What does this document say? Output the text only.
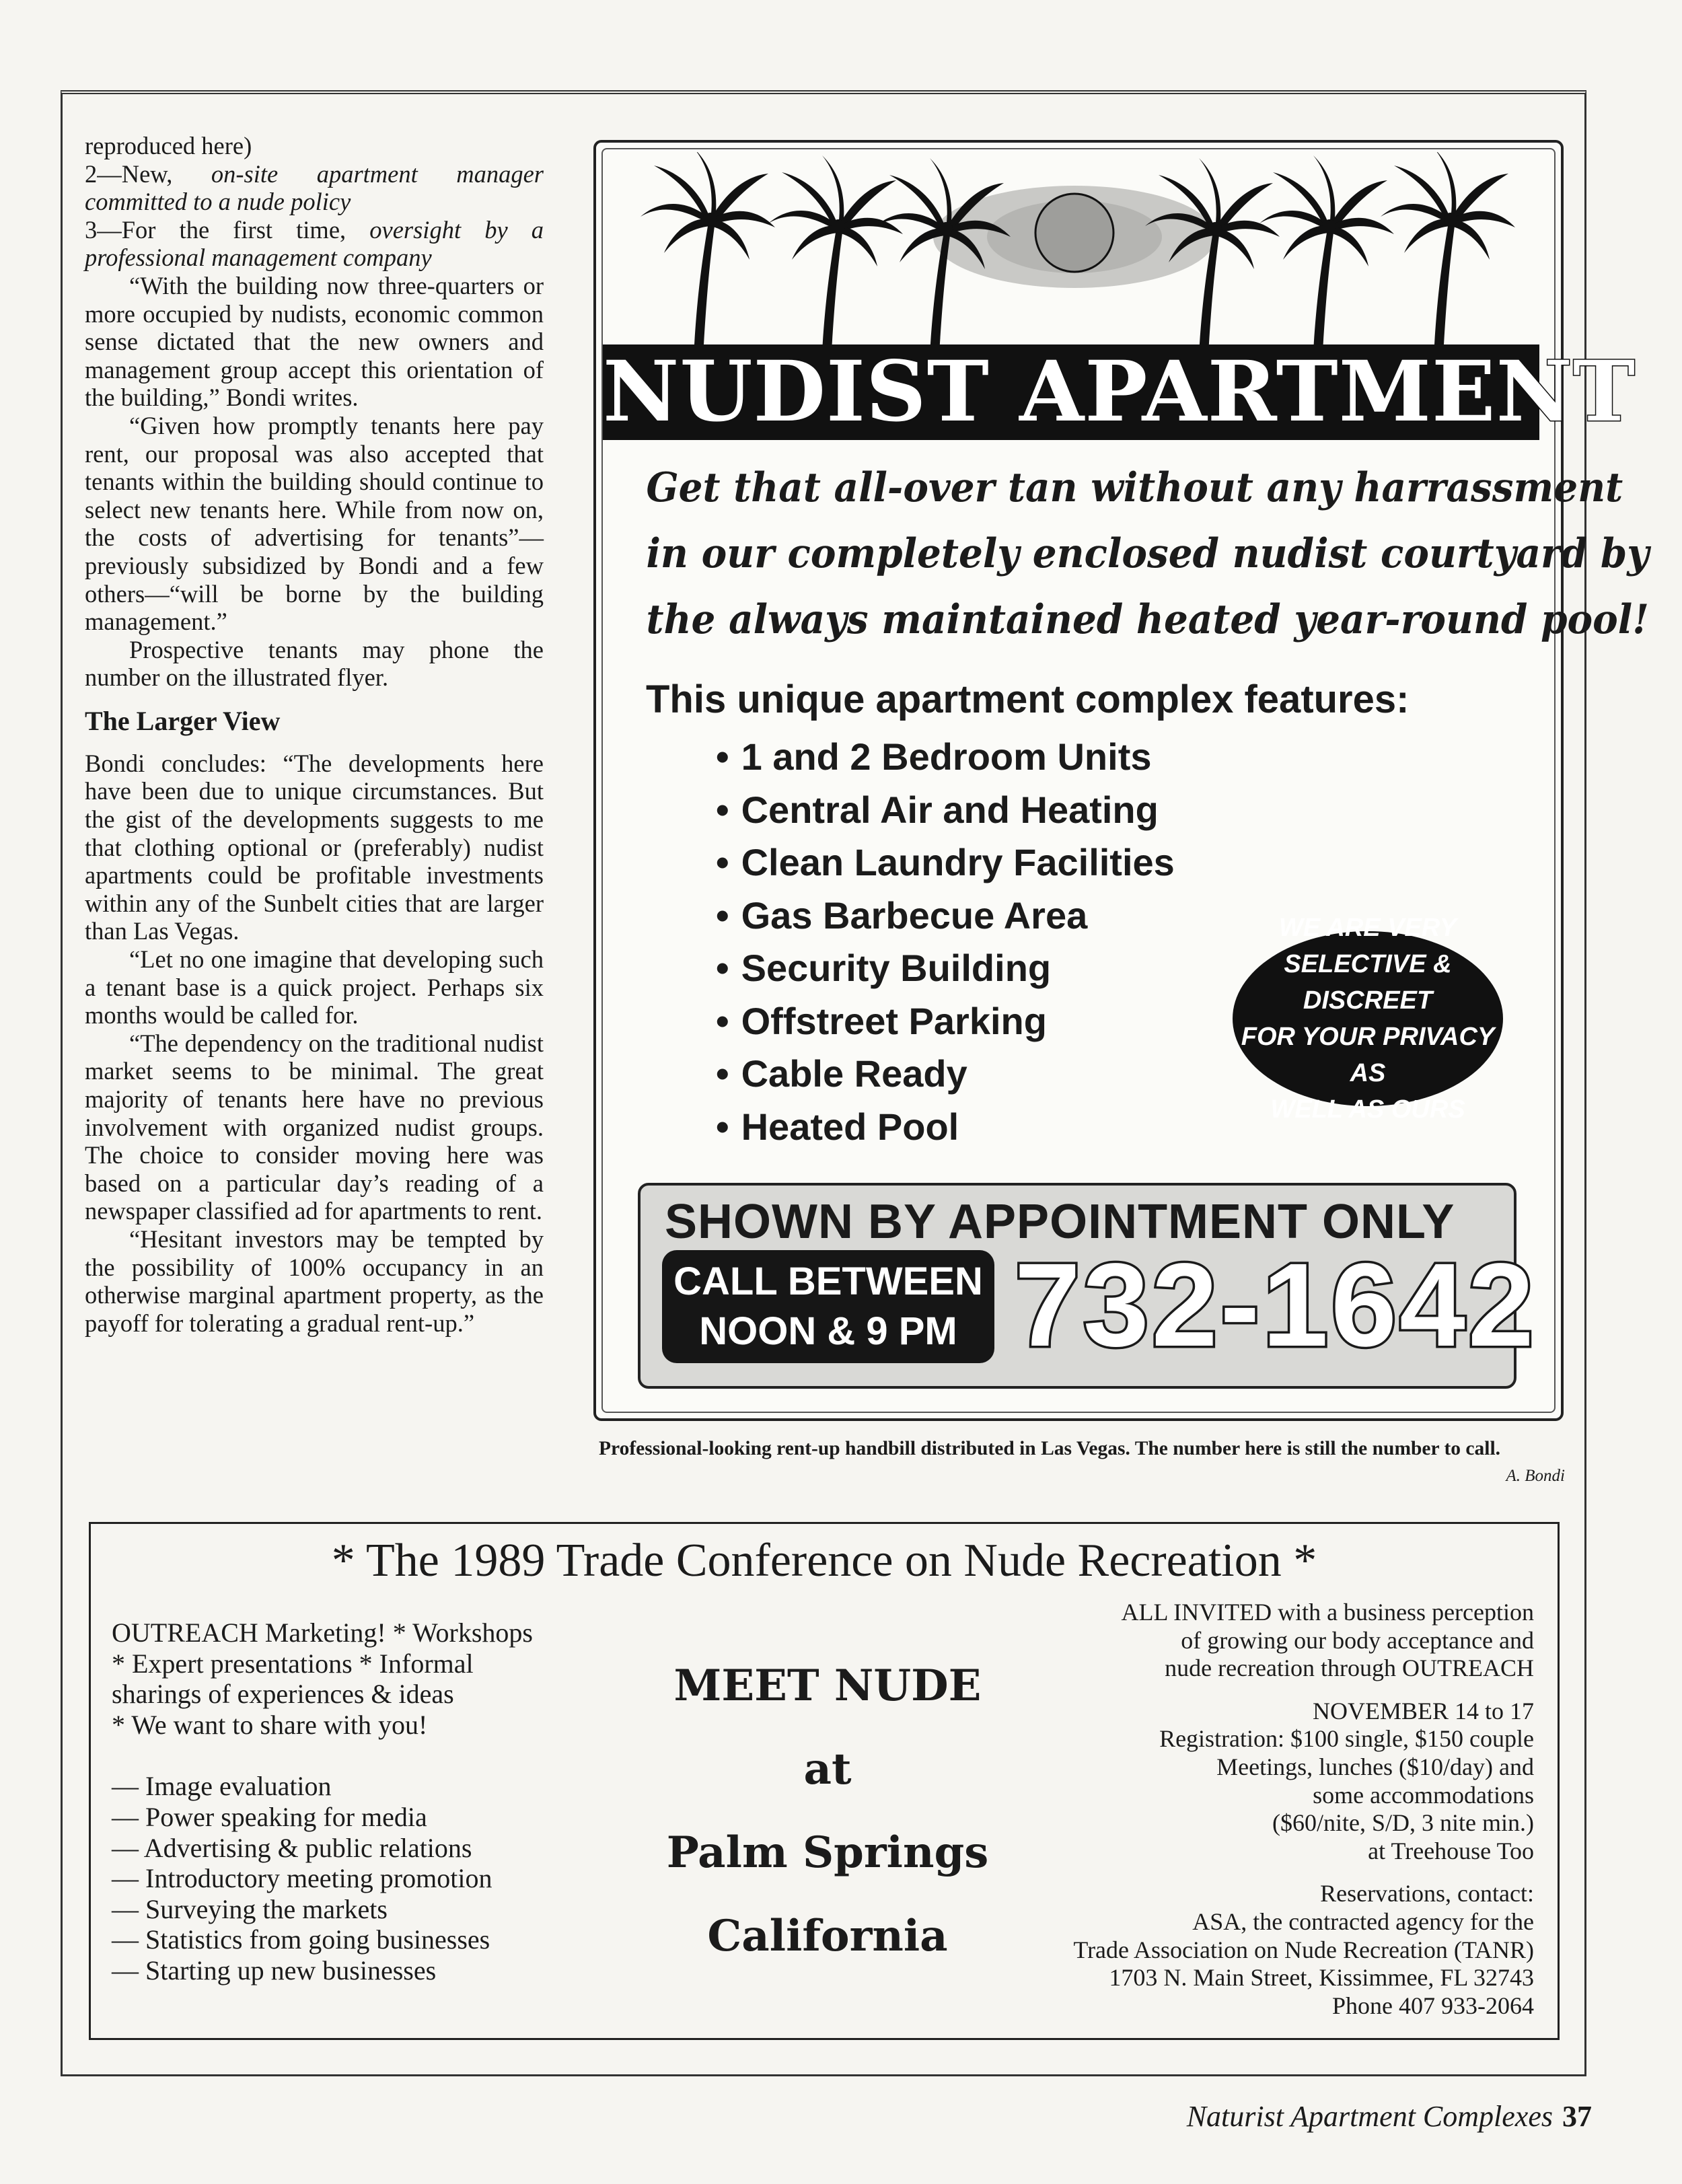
reproduced here)

2—New, on-site apartment manager committed to a nude policy

3—For the first time, oversight by a professional management company

“With the building now three-quarters or more occupied by nudists, economic common sense dictated that the new owners and management group accept this orientation of the building,” Bondi writes.

“Given how promptly tenants here pay rent, our proposal was also accepted that tenants within the building should continue to select new tenants here. While from now on, the costs of advertising for tenants”—previously subsidized by Bondi and a few others—“will be borne by the building management.”

Prospective tenants may phone the number on the illustrated flyer.

The Larger View

Bondi concludes: “The developments here have been due to unique circumstances. But the gist of the developments suggests to me that clothing optional or (preferably) nudist apartments could be profitable investments within any of the Sunbelt cities that are larger than Las Vegas.

“Let no one imagine that developing such a tenant base is a quick project. Perhaps six months would be called for.

“The dependency on the traditional nudist market seems to be minimal. The great majority of tenants here have no previous involvement with organized nudist groups. The choice to consider moving here was based on a particular day’s reading of a newspaper classified ad for apartments to rent.

“Hesitant investors may be tempted by the possibility of 100% occupancy in an otherwise marginal apartment property, as the payoff for tolerating a gradual rent-up.”

NUDIST APARTMENT
Get that all-over tan without any harrassment
in our completely enclosed nudist courtyard by
the always maintained heated year-round pool!
This unique apartment complex features:
• 1 and 2 Bedroom Units
• Central Air and Heating
• Clean Laundry Facilities
• Gas Barbecue Area
• Security Building
• Offstreet Parking
• Cable Ready
• Heated Pool
WE ARE VERY
SELECTIVE & DISCREET
FOR YOUR PRIVACY AS
WELL AS OURS
SHOWN BY APPOINTMENT ONLY
CALL BETWEEN
NOON & 9 PM 732-1642
Professional-looking rent-up handbill distributed in Las Vegas. The number here is still the number to call.
A. Bondi
* The 1989 Trade Conference on Nude Recreation *
OUTREACH Marketing! * Workshops
* Expert presentations * Informal
sharings of experiences & ideas
* We want to share with you!
— Image evaluation
— Power speaking for media
— Advertising & public relations
— Introductory meeting promotion
— Surveying the markets
— Statistics from going businesses
— Starting up new businesses
MEET NUDE
at
Palm Springs
California
ALL INVITED with a business perception
of growing our body acceptance and
nude recreation through OUTREACH
NOVEMBER 14 to 17
Registration: $100 single, $150 couple
Meetings, lunches ($10/day) and
some accommodations
($60/nite, S/D, 3 nite min.)
at Treehouse Too
Reservations, contact:
ASA, the contracted agency for the
Trade Association on Nude Recreation (TANR)
1703 N. Main Street, Kissimmee, FL 32743
Phone 407 933-2064
Naturist Apartment Complexes 37
